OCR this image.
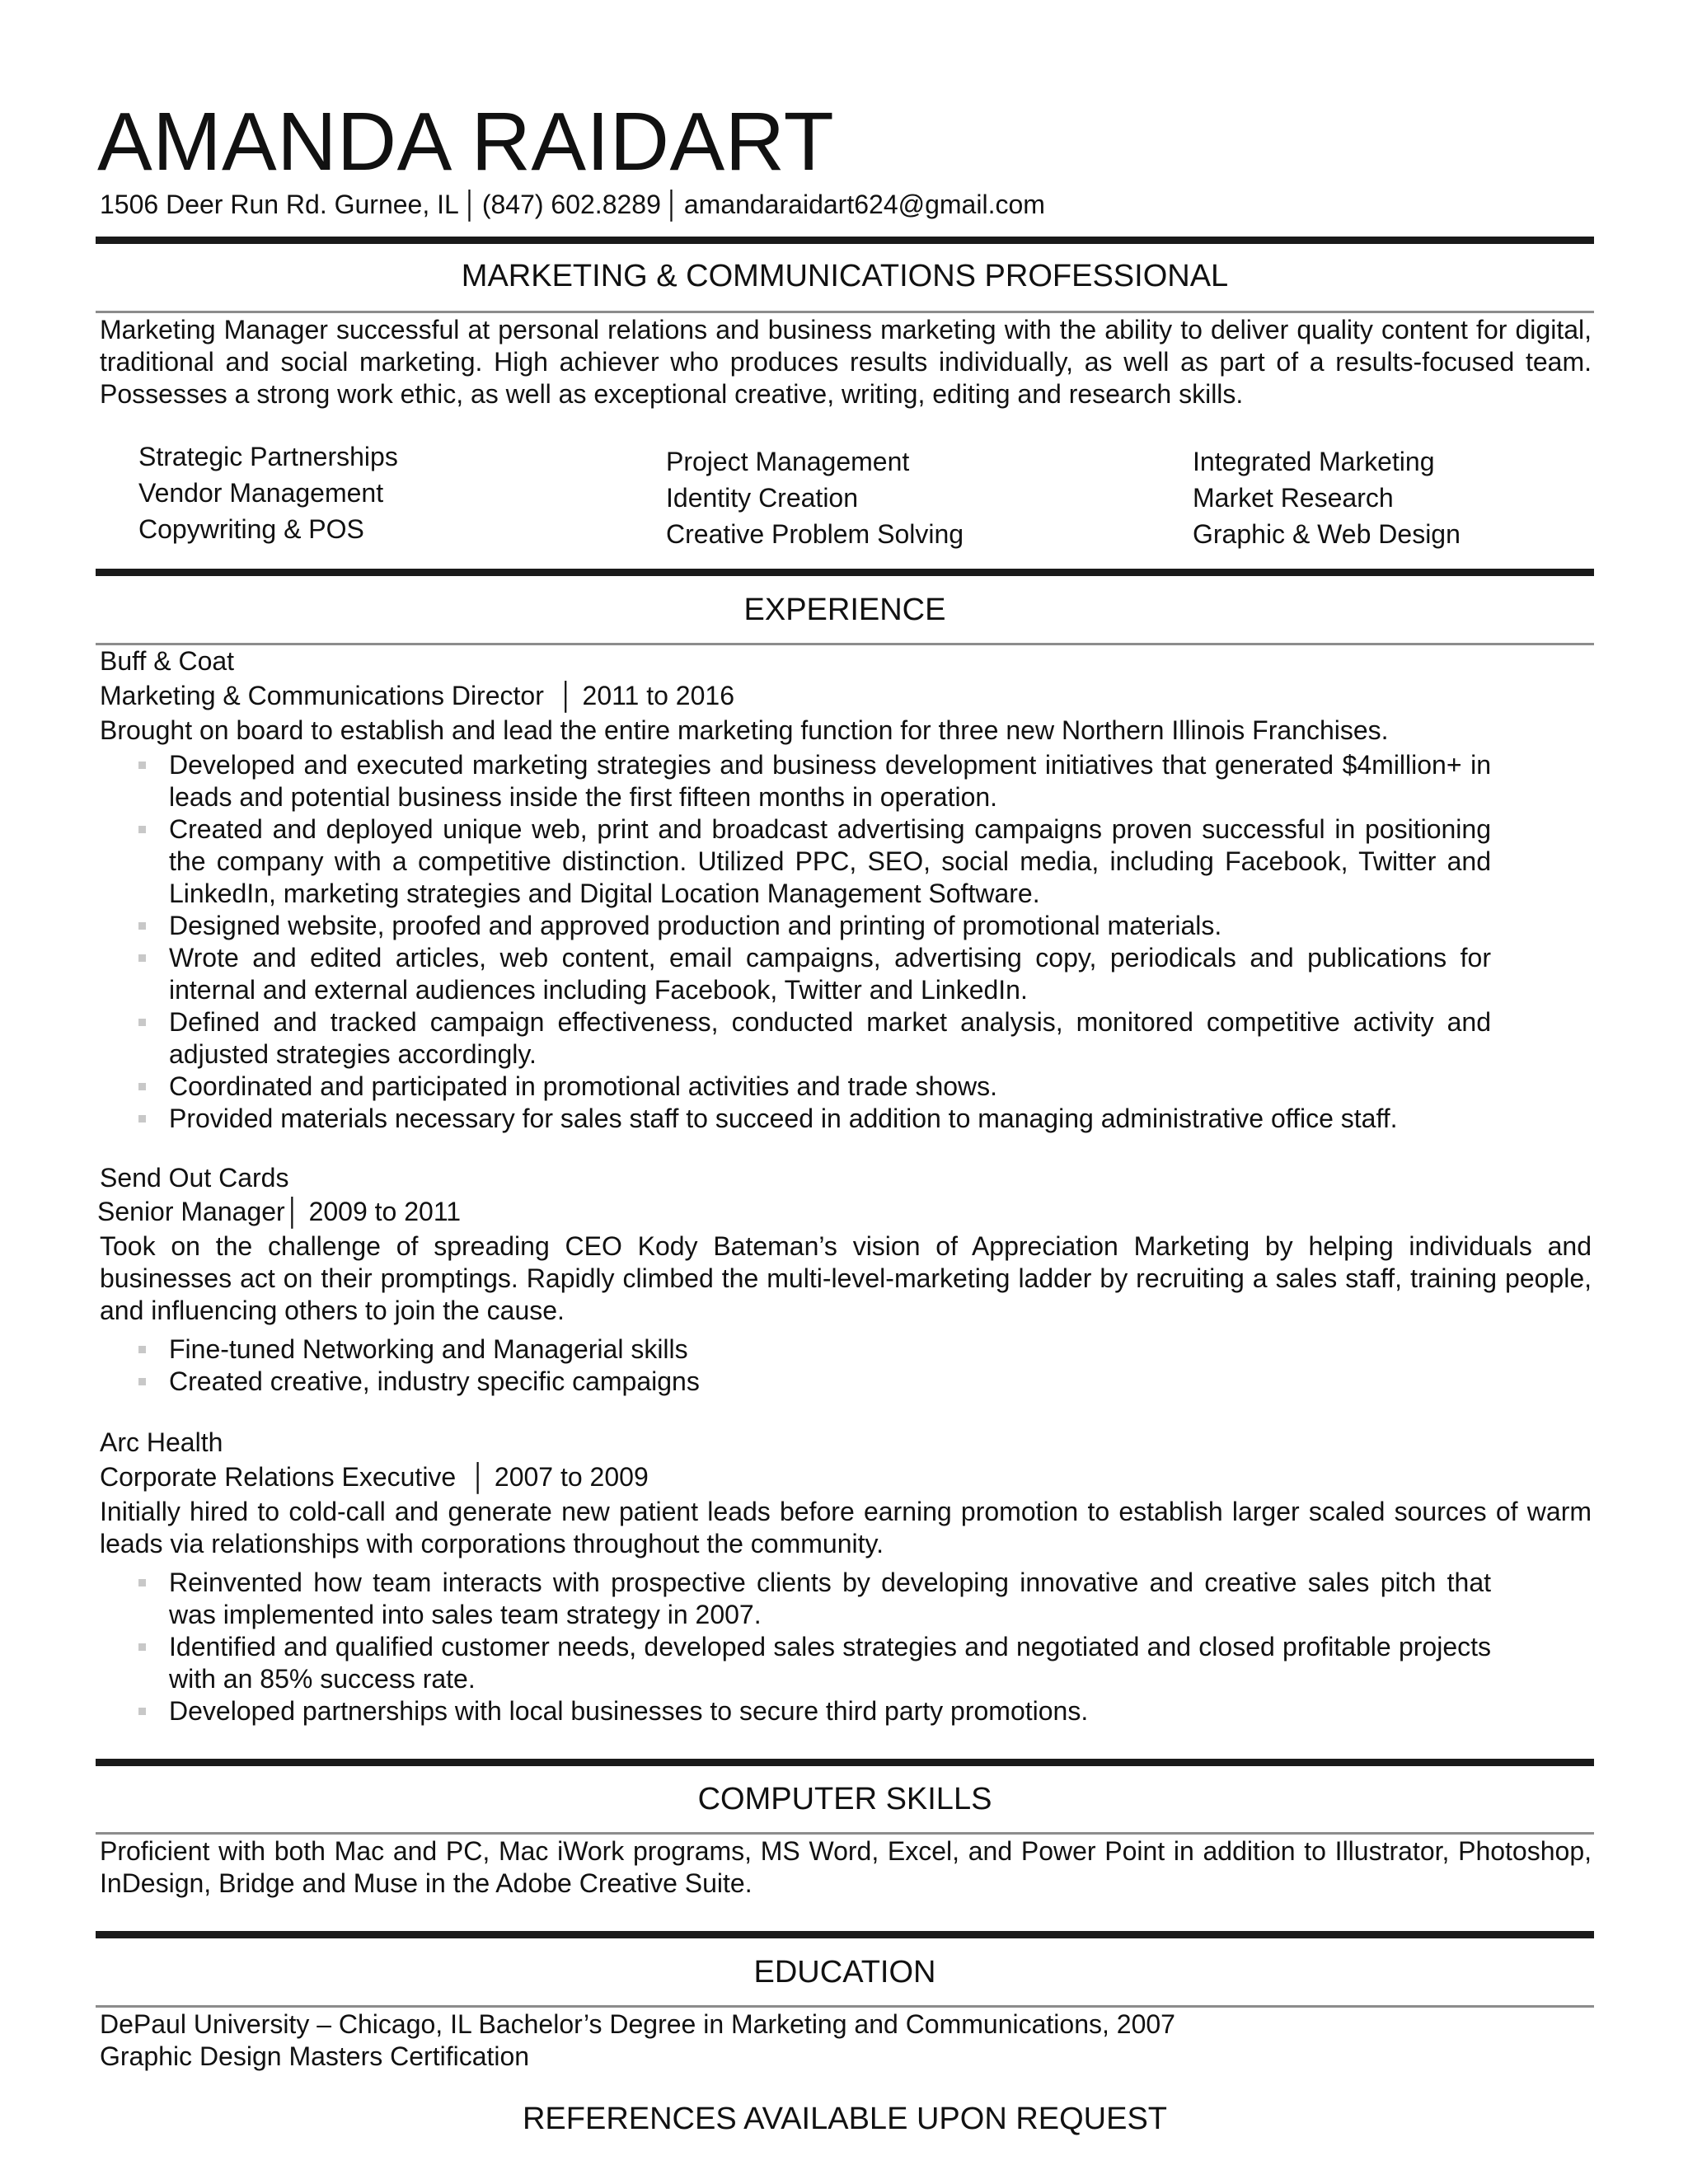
AMANDA RAIDART
1506 Deer Run Rd. Gurnee, IL │ (847) 602.8289 │ amandaraidart624@gmail.com
MARKETING & COMMUNICATIONS PROFESSIONAL

Marketing Manager successful at personal relations and business marketing with the ability to deliver quality content for digital, traditional and social marketing. High achiever who produces results individually, as well as part of a results-focused team. Possesses a strong work ethic, as well as exceptional creative, writing, editing and research skills.

Strategic Partnerships
Vendor Management
Copywriting & POS
Project Management
Identity Creation
Creative Problem Solving
Integrated Marketing
Market Research
Graphic & Web Design
EXPERIENCE
Buff & Coat
Marketing & Communications Director  │ 2011 to 2016
Brought on board to establish and lead the entire marketing function for three new Northern Illinois Franchises.
Developed and executed marketing strategies and business development initiatives that generated $4million+ in leads and potential business inside the first fifteen months in operation.
Created and deployed unique web, print and broadcast advertising campaigns proven successful in positioning the company with a competitive distinction. Utilized PPC, SEO, social media, including Facebook, Twitter and LinkedIn, marketing strategies and Digital Location Management Software.
Designed website, proofed and approved production and printing of promotional materials.
Wrote and edited articles, web content, email campaigns, advertising copy, periodicals and publications for internal and external audiences including Facebook, Twitter and LinkedIn.
Defined and tracked campaign effectiveness, conducted market analysis, monitored competitive activity and adjusted strategies accordingly.
Coordinated and participated in promotional activities and trade shows.
Provided materials necessary for sales staff to succeed in addition to managing administrative office staff.
Send Out Cards
Senior Manager│ 2009 to 2011

Took on the challenge of spreading CEO Kody Bateman’s vision of Appreciation Marketing by helping individuals and businesses act on their promptings. Rapidly climbed the multi-level-marketing ladder by recruiting a sales staff, training people, and influencing others to join the cause.

Fine-tuned Networking and Managerial skills
Created creative, industry specific campaigns
Arc Health
Corporate Relations Executive  │ 2007 to 2009

Initially hired to cold-call and generate new patient leads before earning promotion to establish larger scaled sources of warm leads via relationships with corporations throughout the community.

Reinvented how team interacts with prospective clients by developing innovative and creative sales pitch that was implemented into sales team strategy in 2007.
Identified and qualified customer needs, developed sales strategies and negotiated and closed profitable projects with an 85% success rate.
Developed partnerships with local businesses to secure third party promotions.
COMPUTER SKILLS

Proficient with both Mac and PC, Mac iWork programs, MS Word, Excel, and Power Point in addition to Illustrator, Photoshop, InDesign, Bridge and Muse in the Adobe Creative Suite.

EDUCATION
DePaul University – Chicago, IL Bachelor’s Degree in Marketing and Communications, 2007
Graphic Design Masters Certification
REFERENCES AVAILABLE UPON REQUEST
